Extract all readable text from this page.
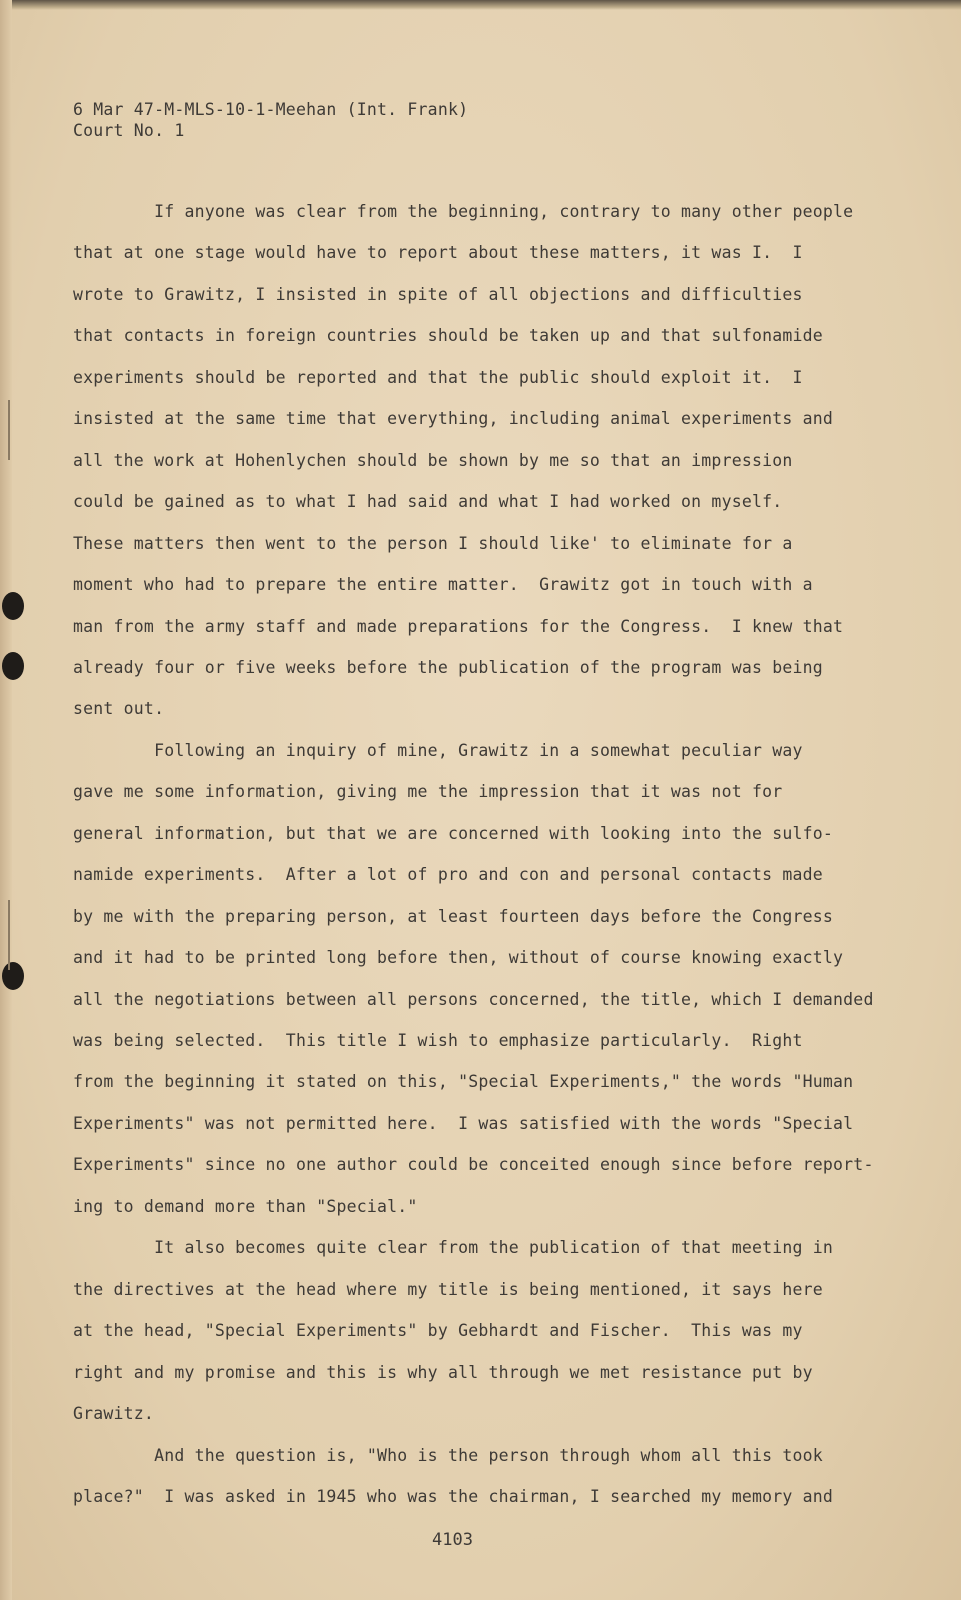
6 Mar 47-M-MLS-10-1-Meehan (Int. Frank)
Court No. 1
If anyone was clear from the beginning, contrary to many other people
that at one stage would have to report about these matters, it was I.  I
wrote to Grawitz, I insisted in spite of all objections and difficulties
that contacts in foreign countries should be taken up and that sulfonamide
experiments should be reported and that the public should exploit it.  I
insisted at the same time that everything, including animal experiments and
all the work at Hohenlychen should be shown by me so that an impression
could be gained as to what I had said and what I had worked on myself.
These matters then went to the person I should like' to eliminate for a
moment who had to prepare the entire matter.  Grawitz got in touch with a
man from the army staff and made preparations for the Congress.  I knew that
already four or five weeks before the publication of the program was being
sent out.
Following an inquiry of mine, Grawitz in a somewhat peculiar way
gave me some information, giving me the impression that it was not for
general information, but that we are concerned with looking into the sulfo-
namide experiments.  After a lot of pro and con and personal contacts made
by me with the preparing person, at least fourteen days before the Congress
and it had to be printed long before then, without of course knowing exactly
all the negotiations between all persons concerned, the title, which I demanded
was being selected.  This title I wish to emphasize particularly.  Right
from the beginning it stated on this, "Special Experiments," the words "Human
Experiments" was not permitted here.  I was satisfied with the words "Special
Experiments" since no one author could be conceited enough since before report-
ing to demand more than "Special."
It also becomes quite clear from the publication of that meeting in
the directives at the head where my title is being mentioned, it says here
at the head, "Special Experiments" by Gebhardt and Fischer.  This was my
right and my promise and this is why all through we met resistance put by
Grawitz.
And the question is, "Who is the person through whom all this took
place?"  I was asked in 1945 who was the chairman, I searched my memory and
4103
